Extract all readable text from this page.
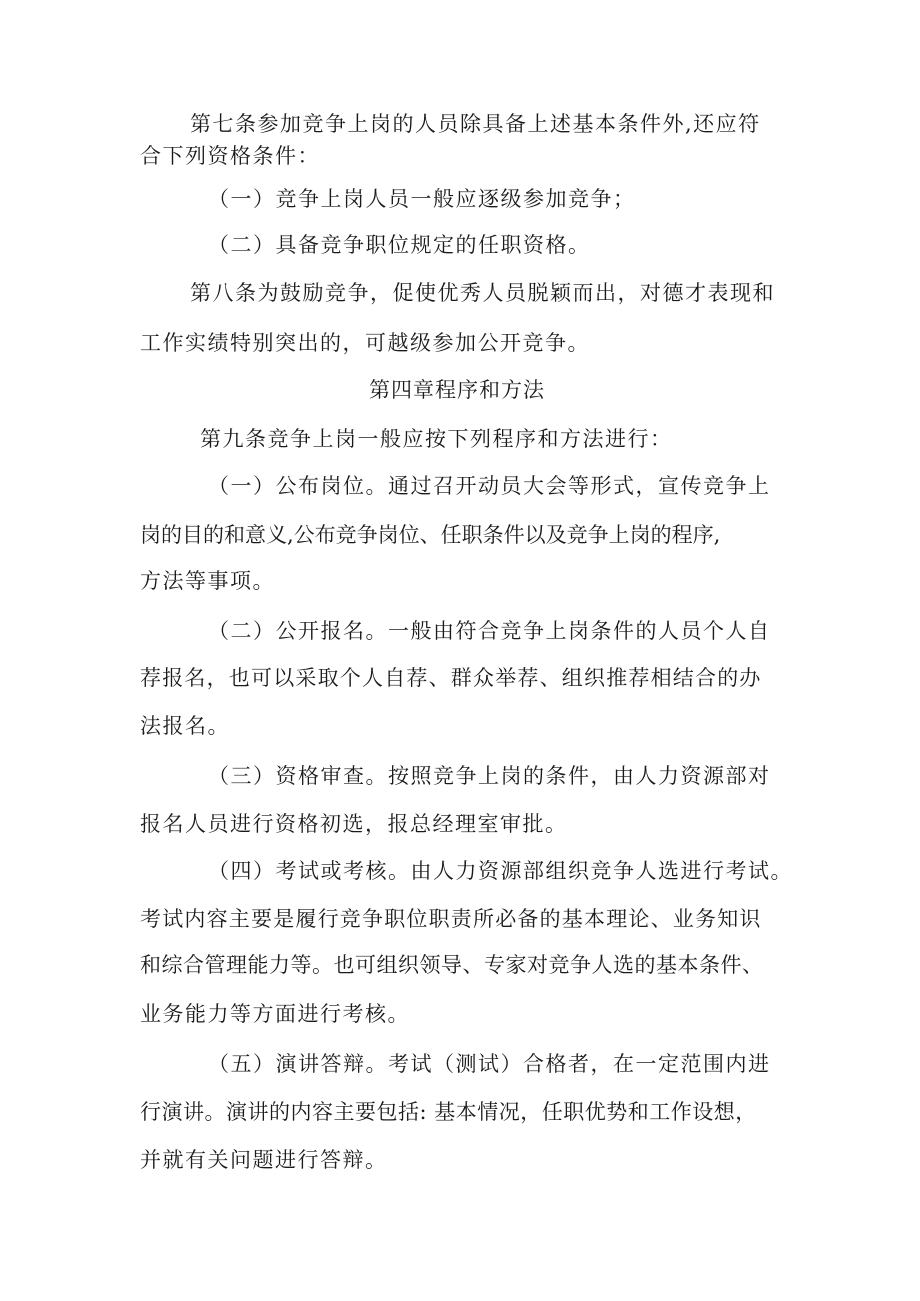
第七条参加竞争上岗的人员除具备上述基本条件外,还应符
合下列资格条件：
（一）竞争上岗人员一般应逐级参加竞争；
（二）具备竞争职位规定的任职资格。
第八条为鼓励竞争，促使优秀人员脱颖而出，对德才表现和
工作实绩特别突出的，可越级参加公开竞争。
第四章程序和方法
第九条竞争上岗一般应按下列程序和方法进行：
（一）公布岗位。通过召开动员大会等形式，宣传竞争上
岗的目的和意义,公布竞争岗位、任职条件以及竞争上岗的程序,
方法等事项。
（二）公开报名。一般由符合竞争上岗条件的人员个人自
荐报名，也可以采取个人自荐、群众举荐、组织推荐相结合的办
法报名。
（三）资格审查。按照竞争上岗的条件，由人力资源部对
报名人员进行资格初选，报总经理室审批。
（四）考试或考核。由人力资源部组织竞争人选进行考试。
考试内容主要是履行竞争职位职责所必备的基本理论、业务知识
和综合管理能力等。也可组织领导、专家对竞争人选的基本条件、
业务能力等方面进行考核。
（五）演讲答辩。考试（测试）合格者，在一定范围内进
行演讲。演讲的内容主要包括: 基本情况，任职优势和工作设想，
并就有关问题进行答辩。
